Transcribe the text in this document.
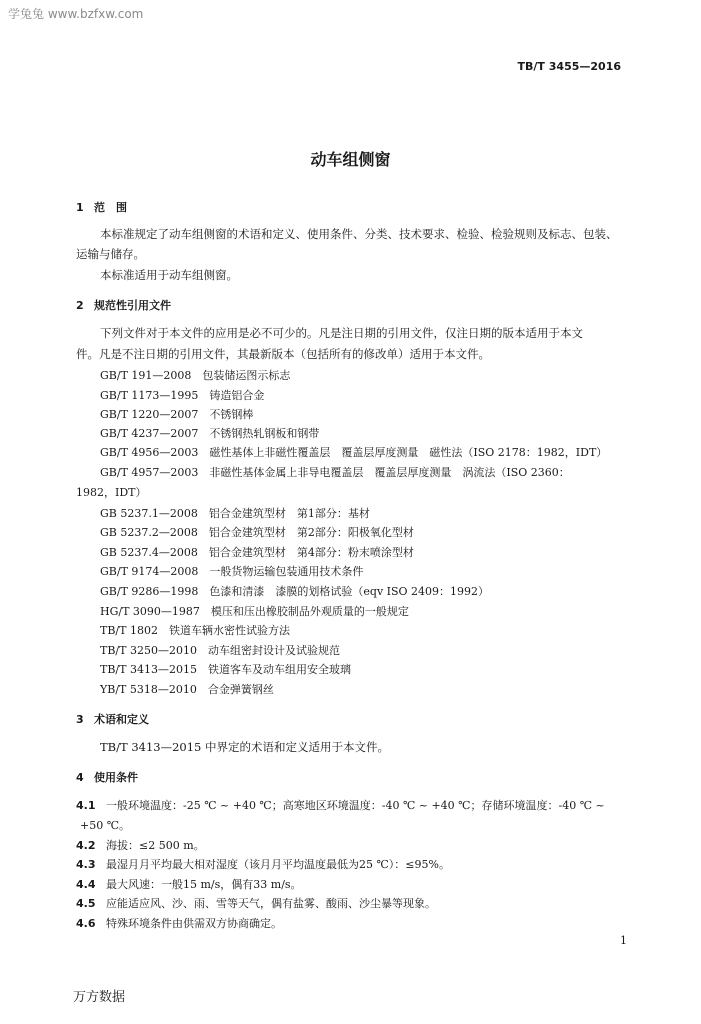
学兔兔 www.bzfxw.com
TB/T 3455—2016
动车组侧窗
1 范　围
本标准规定了动车组侧窗的术语和定义、使用条件、分类、技术要求、检验、检验规则及标志、包装、
运输与储存。
本标准适用于动车组侧窗。
2 规范性引用文件
下列文件对于本文件的应用是必不可少的。凡是注日期的引用文件，仅注日期的版本适用于本文
件。凡是不注日期的引用文件，其最新版本（包括所有的修改单）适用于本文件。
GB/T 191—2008　包装储运图示标志
GB/T 1173—1995　铸造铝合金
GB/T 1220—2007　不锈钢棒
GB/T 4237—2007　不锈钢热轧钢板和钢带
GB/T 4956—2003　磁性基体上非磁性覆盖层　覆盖层厚度测量　磁性法（ISO 2178：1982，IDT）
GB/T 4957—2003　非磁性基体金属上非导电覆盖层　覆盖层厚度测量　涡流法（ISO 2360：
1982，IDT）
GB 5237.1—2008　铝合金建筑型材　第1部分：基材
GB 5237.2—2008　铝合金建筑型材　第2部分：阳极氧化型材
GB 5237.4—2008　铝合金建筑型材　第4部分：粉末喷涂型材
GB/T 9174—2008　一般货物运输包装通用技术条件
GB/T 9286—1998　色漆和清漆　漆膜的划格试验（eqv ISO 2409：1992）
HG/T 3090—1987　模压和压出橡胶制品外观质量的一般规定
TB/T 1802　铁道车辆水密性试验方法
TB/T 3250—2010　动车组密封设计及试验规范
TB/T 3413—2015　铁道客车及动车组用安全玻璃
YB/T 5318—2010　合金弹簧钢丝
3 术语和定义
TB/T 3413—2015 中界定的术语和定义适用于本文件。
4 使用条件
4.1 一般环境温度：-25 ℃ ~ +40 ℃；高寒地区环境温度：-40 ℃ ~ +40 ℃；存储环境温度：-40 ℃ ~
+50 ℃。
4.2 海拔：≤2 500 m。
4.3 最湿月月平均最大相对湿度（该月月平均温度最低为25 ℃）：≤95%。
4.4 最大风速：一般15 m/s，偶有33 m/s。
4.5 应能适应风、沙、雨、雪等天气，偶有盐雾、酸雨、沙尘暴等现象。
4.6 特殊环境条件由供需双方协商确定。
1
万方数据
